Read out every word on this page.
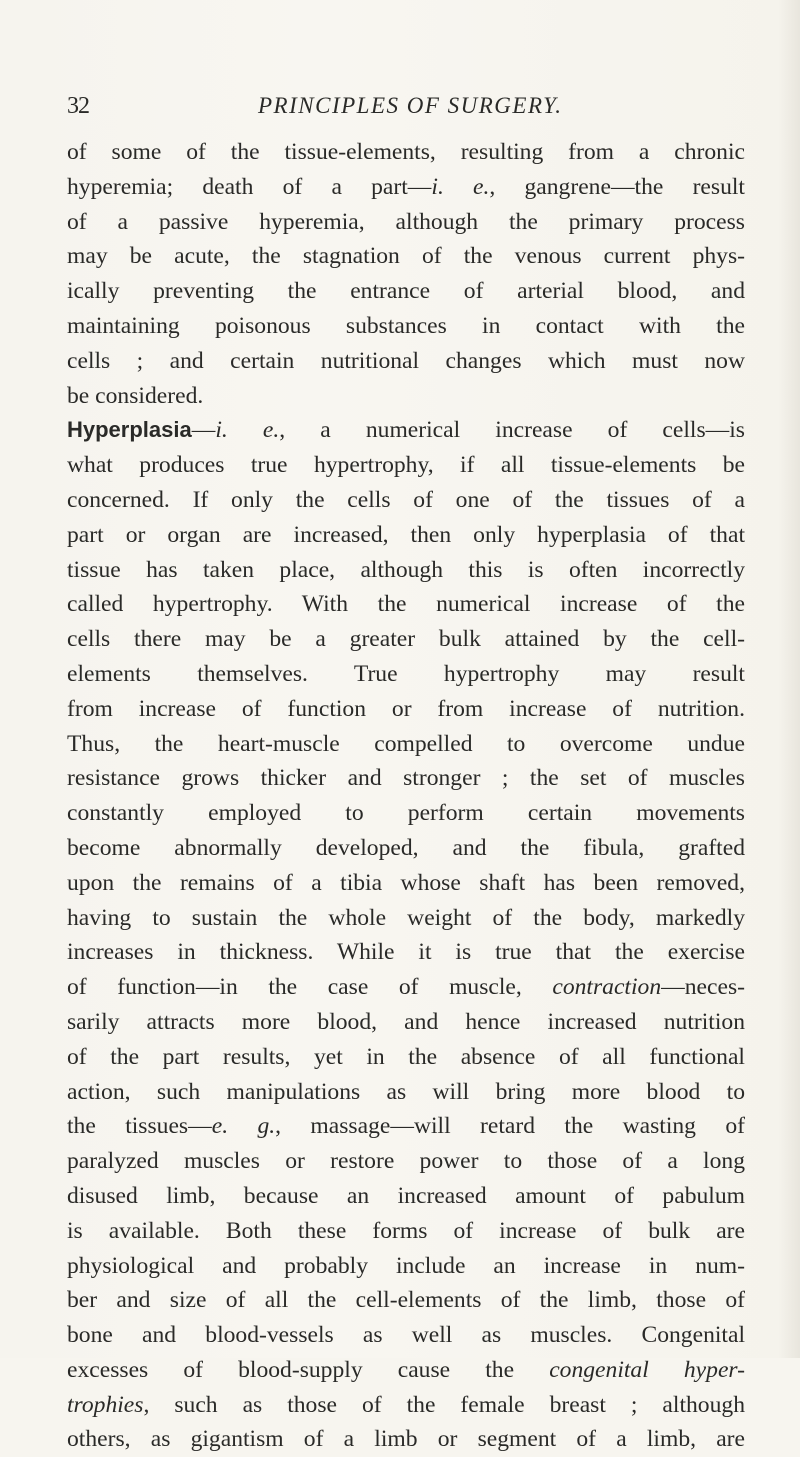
32	PRINCIPLES OF SURGERY.
of some of the tissue-elements, resulting from a chronic
hyperemia; death of a part—i. e., gangrene—the result
of a passive hyperemia, although the primary process
may be acute, the stagnation of the venous current phys-
ically preventing the entrance of arterial blood, and
maintaining poisonous substances in contact with the
cells ; and certain nutritional changes which must now
be considered.
Hyperplasia—i. e., a numerical increase of cells—is
what produces true hypertrophy, if all tissue-elements be
concerned. If only the cells of one of the tissues of a
part or organ are increased, then only hyperplasia of that
tissue has taken place, although this is often incorrectly
called hypertrophy. With the numerical increase of the
cells there may be a greater bulk attained by the cell-
elements themselves. True hypertrophy may result
from increase of function or from increase of nutrition.
Thus, the heart-muscle compelled to overcome undue
resistance grows thicker and stronger ; the set of muscles
constantly employed to perform certain movements
become abnormally developed, and the fibula, grafted
upon the remains of a tibia whose shaft has been removed,
having to sustain the whole weight of the body, markedly
increases in thickness. While it is true that the exercise
of function—in the case of muscle, contraction—neces-
sarily attracts more blood, and hence increased nutrition
of the part results, yet in the absence of all functional
action, such manipulations as will bring more blood to
the tissues—e. g., massage—will retard the wasting of
paralyzed muscles or restore power to those of a long
disused limb, because an increased amount of pabulum
is available. Both these forms of increase of bulk are
physiological and probably include an increase in num-
ber and size of all the cell-elements of the limb, those of
bone and blood-vessels as well as muscles. Congenital
excesses of blood-supply cause the congenital hyper-
trophies, such as those of the female breast ; although
others, as gigantism of a limb or segment of a limb, are
